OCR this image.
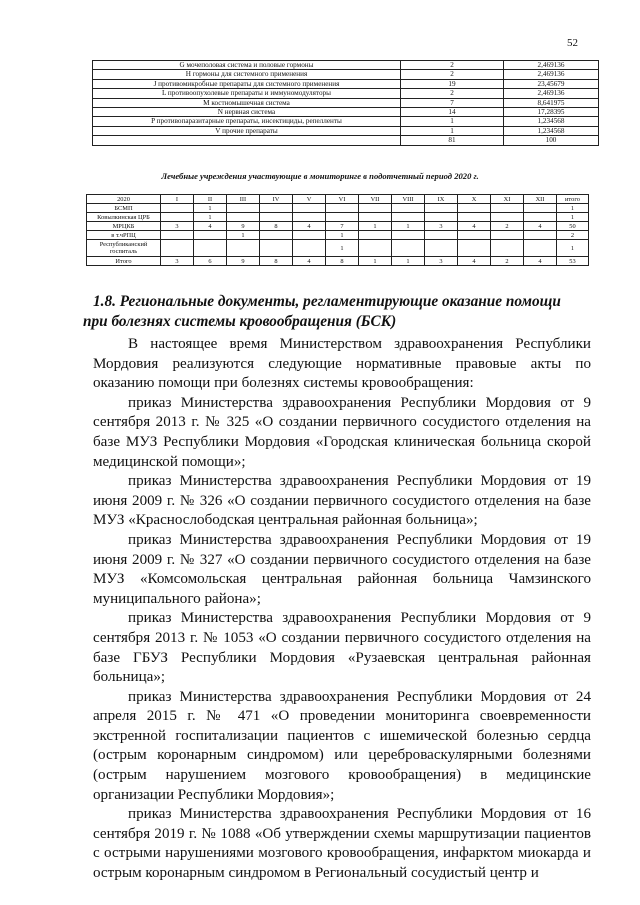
52
G мочеполовая система и половые гормоны	2	2,469136
H гормоны для системного применения	2	2,469136
J противомикробные препараты для системного применения	19	23,45679
L противоопухолевые препараты и иммуномодуляторы	2	2,469136
M костномышечная система	7	8,641975
N нервная система	14	17,28395
P противопаразитарные препараты, инсектициды, репелленты	1	1,234568
V прочие препараты	1	1,234568
	81	100
Лечебные учреждения участвующие в мониторинге в подотчетный период 2020 г.
2020	I	II	III	IV	V	VI	VII	VIII	IX	X	XI	XII	итого
БСМП		1											1
Ковылкинская ЦРБ		1											1
МРЦКБ	3	4	9	8	4	7	1	1	3	4	2	4	50
в т.чРПЦ			1			1							2
Республиканский госпиталь						1							1
Итого	3	6	9	8	4	8	1	1	3	4	2	4	53
1.8. Региональные документы, регламентирующие оказание помощи
при болезнях системы кровообращения (БСК)

В настоящее время Министерством здравоохранения Республики Мордовия реализуются следующие нормативные правовые акты по оказанию помощи при болезнях системы кровообращения:

приказ Министерства здравоохранения Республики Мордовия от 9 сентября 2013 г. № 325 «О создании первичного сосудистого отделения на базе МУЗ Республики Мордовия «Городская клиническая больница скорой медицинской помощи»;

приказ Министерства здравоохранения Республики Мордовия от 19 июня 2009 г. № 326 «О создании первичного сосудистого отделения на базе МУЗ «Краснослободская центральная районная больница»;

приказ Министерства здравоохранения Республики Мордовия от 19 июня 2009 г. № 327 «О создании первичного сосудистого отделения на базе МУЗ «Комсомольская центральная районная больница Чамзинского муниципального района»;

приказ Министерства здравоохранения Республики Мордовия от 9 сентября 2013 г. № 1053 «О создании первичного сосудистого отделения на базе ГБУЗ Республики Мордовия «Рузаевская центральная районная больница»;

приказ Министерства здравоохранения Республики Мордовия от 24 апреля 2015 г. № 471 «О проведении мониторинга своевременности экстренной госпитализации пациентов с ишемической болезнью сердца (острым коронарным синдромом) или цереброваскулярными болезнями (острым нарушением мозгового кровообращения) в медицинские организации Республики Мордовия»;

приказ Министерства здравоохранения Республики Мордовия от 16 сентября 2019 г. № 1088 «Об утверждении схемы маршрутизации пациентов с острыми нарушениями мозгового кровообращения, инфарктом миокарда и острым коронарным синдромом в Региональный сосудистый центр и
